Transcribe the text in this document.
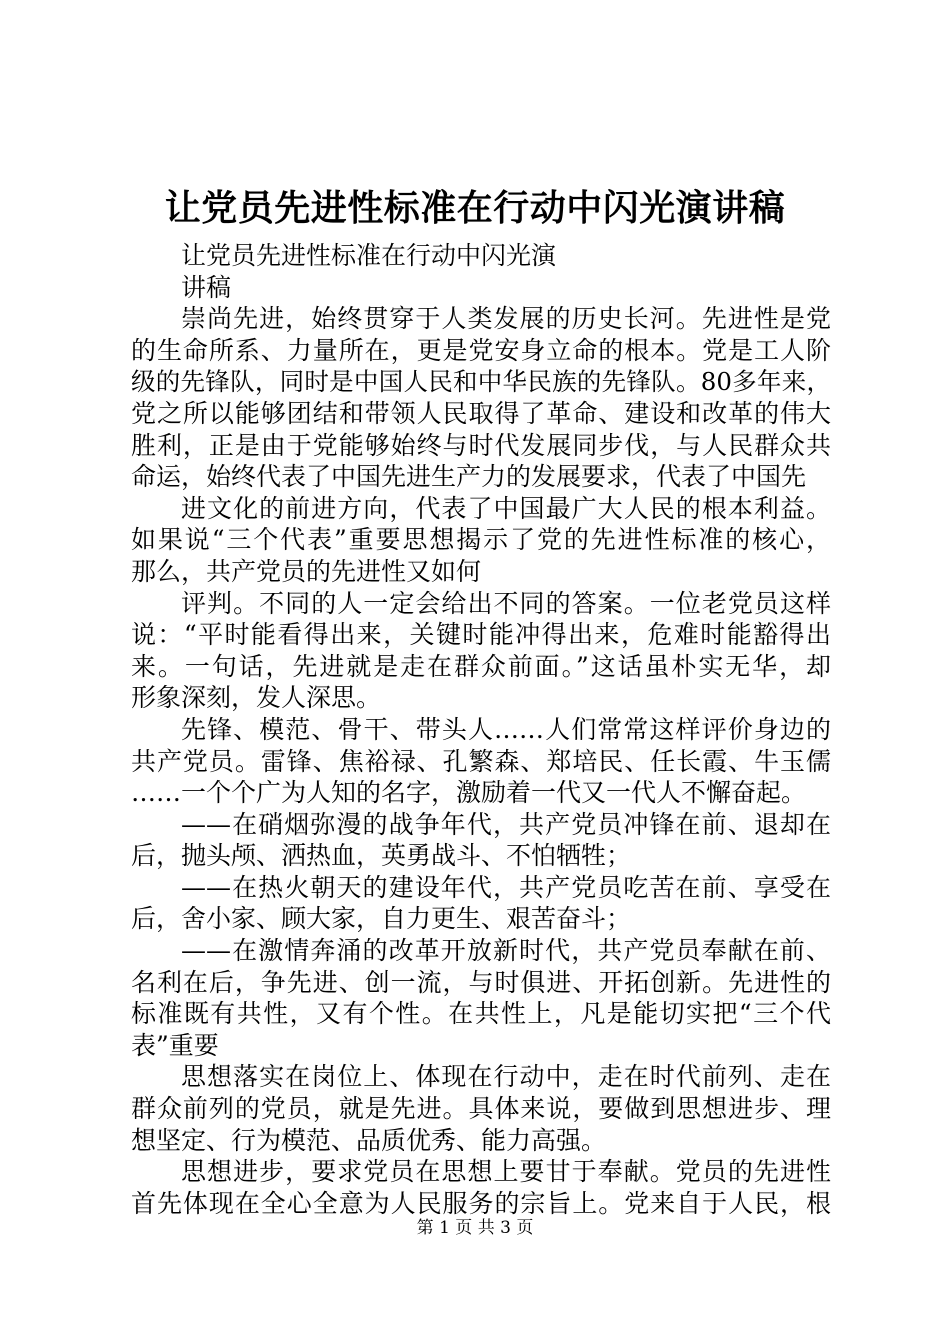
让党员先进性标准在行动中闪光演讲稿
让党员先进性标准在行动中闪光演
讲稿
崇尚先进，始终贯穿于人类发展的历史长河。先进性是党
的生命所系、力量所在，更是党安身立命的根本。党是工人阶
级的先锋队，同时是中国人民和中华民族的先锋队。80多年来，
党之所以能够团结和带领人民取得了革命、建设和改革的伟大
胜利，正是由于党能够始终与时代发展同步伐，与人民群众共
命运，始终代表了中国先进生产力的发展要求，代表了中国先
进文化的前进方向，代表了中国最广大人民的根本利益。
如果说“三个代表”重要思想揭示了党的先进性标准的核心，
那么，共产党员的先进性又如何
评判。不同的人一定会给出不同的答案。一位老党员这样
说：“平时能看得出来，关键时能冲得出来，危难时能豁得出
来。一句话，先进就是走在群众前面。”这话虽朴实无华，却
形象深刻，发人深思。
先锋、模范、骨干、带头人……人们常常这样评价身边的
共产党员。雷锋、焦裕禄、孔繁森、郑培民、任长霞、牛玉儒
……一个个广为人知的名字，激励着一代又一代人不懈奋起。
——在硝烟弥漫的战争年代，共产党员冲锋在前、退却在
后，抛头颅、洒热血，英勇战斗、不怕牺牲；
——在热火朝天的建设年代，共产党员吃苦在前、享受在
后，舍小家、顾大家，自力更生、艰苦奋斗；
——在激情奔涌的改革开放新时代，共产党员奉献在前、
名利在后，争先进、创一流，与时俱进、开拓创新。先进性的
标准既有共性，又有个性。在共性上，凡是能切实把“三个代
表”重要
思想落实在岗位上、体现在行动中，走在时代前列、走在
群众前列的党员，就是先进。具体来说，要做到思想进步、理
想坚定、行为模范、品质优秀、能力高强。
思想进步，要求党员在思想上要甘于奉献。党员的先进性
首先体现在全心全意为人民服务的宗旨上。党来自于人民，根
第 1 页 共 3 页
